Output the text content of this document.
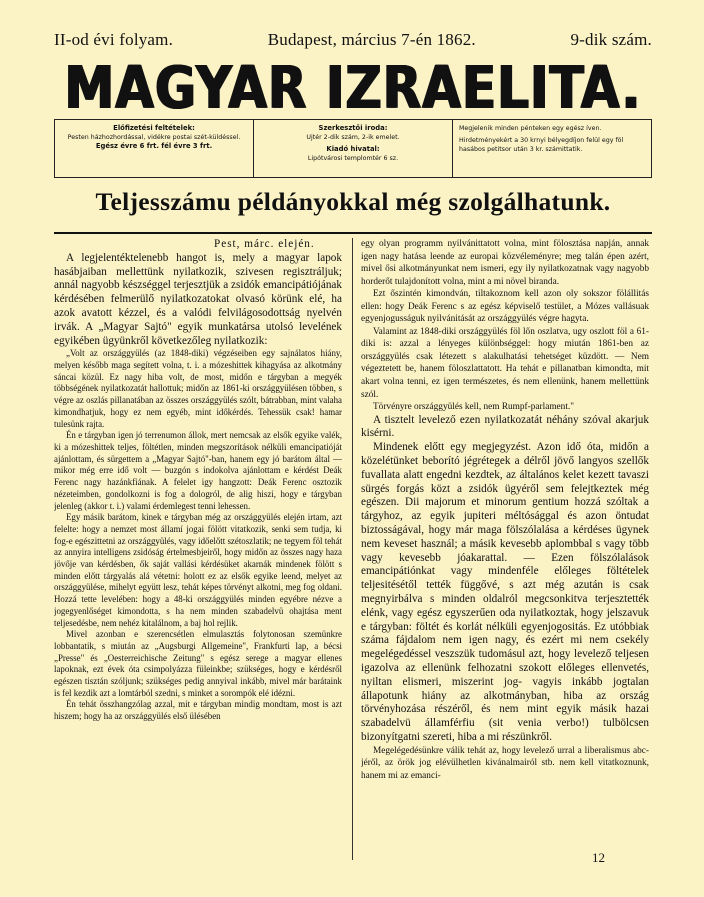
II-od évi folyam.	Budapest, március 7-én 1862.	9-dik szám.
MAGYAR IZRAELITA.
Előfizetési feltételek:
Pesten házhozhordással, vidékre postai szét-küldéssel.
Egész évre 6 frt. fél évre 3 frt.
Szerkesztői iroda:
Ujtér 2-dik szám, 2-ik emelet.
Kiadó hivatal:
Lipótvárosi templomtér 6 sz.
Megjelenik minden pénteken egy egész íven.
Hirdetményekért a 30 krnyi bélyegdíjon felül egy föl hasábos petitsor után 3 kr. számittatik.
Teljesszámu példányokkal még szolgálhatunk.

Pest, márc. elején.

A legjelentéktelenebb hangot is, mely a magyar lapok hasábjaiban mellettünk nyilatkozik, szivesen regisztráljuk; annál nagyobb készséggel terjesztjük a zsidók emancipátiójának kérdésében felmerülő nyilatkozatokat olvasó körünk elé, ha azok avatott kézzel, és a valódi felvilágosodottság nyelvén irvák. A „Magyar Sajtó" egyik munkatársa utolsó levelének egyikében ügyünkről következőleg nyilatkozik:

„Volt az országgyülés (az 1848-diki) végzéseiben egy sajnálatos hiány, melyen később maga segített volna, t. i. a mózeshittek kihagyása az alkotmány sáncai közül. Ez nagy hiba volt, de most, midőn e tárgyban a megyék többségének nyilatkozatát hallottuk; midőn az 1861-ki országgyülésen többen, s végre az oszlás pillanatában az összes országgyülés szólt, bátrabban, mint valaha kimondhatjuk, hogy ez nem egyéb, mint időkérdés. Tehessük csak! hamar tulesünk rajta.

Én e tárgyban igen jó terrenumon állok, mert nemcsak az elsők egyike valék, ki a mózeshittek teljes, föltétlen, minden megszorítások nélküli emancipatióját ajánlottam, és sürgettem a „Magyar Sajtó"-ban, hanem egy jó barátom által — mikor még erre idő volt — buzgón s indokolva ajánlottam e kérdést Deák Ferenc nagy hazánkfiának. A felelet igy hangzott: Deák Ferenc osztozik nézeteimben, gondolkozni is fog a dologról, de alig hiszi, hogy e tárgyban jelenleg (akkor t. i.) valami érdemlegest tenni lehessen.

Egy másik barátom, kinek e tárgyban még az országgyülés elején irtam, azt felelte: hogy a nemzet most államí jogai fölött vitatkozik, senki sem tudja, ki fog-e egészittetni az országgyülés, vagy időelőtt szétoszlatik; ne tegyem föl tehát az annyira intelligens zsidóság értelmesbjeiről, hogy midőn az összes nagy haza jövője van kérdésben, ők saját vallási kérdésüket akarnák mindenek fölött s minden előtt tárgyalás alá vétetni: holott ez az elsők egyike leend, melyet az országgyülése, mihelyt együtt lesz, tehát képes törvényt alkotni, meg fog oldani. Hozzá tette levelében: hogy a 48-ki országgyülés minden egyébre nézve a jogegyenlőséget kimondotta, s ha nem minden szabadelvü ohajtása ment teljesedésbe, nem nehéz kitalálnom, a baj hol rejlik.

Mivel azonban e szerencsétlen elmulasztás folytonosan szemünkre lobbantatik, s miután az „Augsburgi Allgemeine", Frankfurti lap, a bécsi „Presse" és „Oesterreichische Zeitung" s egész serege a magyar ellenes lapoknak, ezt évek óta csimpolyázza füleinkbe; szükséges, hogy e kérdésről egészen tisztán szóljunk; szükséges pedig annyival inkább, mivel már barátaink is fel kezdik azt a lomtárból szedni, s minket a sorompók elé idézni.

Én tehát összhangzólag azzal, mit e tárgyban mindig mondtam, most is azt hiszem; hogy ha az országgyülés első ülésében

egy olyan programm nyilvánittatott volna, mint fölosztása napján, annak igen nagy hatása leende az europai közvéleményre; meg talán épen azért, mivel ősi alkotmányunkat nem ismeri, egy ily nyilatkozatnak vagy nagyobb horderőt tulajdonított volna, mint a mi növel biranda.

Ezt őszintén kimondván, tiltakoznom kell azon oly sokszor fölállitás ellen: hogy Deák Ferenc s az egész képviselő testület, a Mózes vallásuak egyenjogusságuk nyilvánitását az országgyülés végre hagyta.

Valamint az 1848-diki országgyülés föl lőn oszlatva, ugy oszlott föl a 61-diki is: azzal a lényeges különbséggel: hogy miután 1861-ben az országgyülés csak létezett s alakulhatási tehetséget küzdött. — Nem végeztetett be, hanem föloszlattatott. Ha tehát e pillanatban kimondta, mit akart volna tenni, ez igen természetes, és nem ellenünk, hanem mellettünk szól.

Törvényre országgyülés kell, nem Rumpf-parlament."

A tisztelt levelező ezen nyilatkozatát néhány szóval akarjuk kisérni.

Mindenek előtt egy megjegyzést. Azon idő óta, midőn a közelétünket beborító jégrétegek a délről jövő langyos szellők fuvallata alatt engedni kezdtek, az általános kelet kezett tavaszi sürgés forgás közt a zsidók ügyéről sem felejtkeztek még egészen. Dii majorum et minorum gentium hozzá szóltak a tárgyhoz, az egyik jupiteri méltósággal és azon öntudat biztosságával, hogy már maga fölszólalása a kérdéses ügynek nem keveset használ; a másik kevesebb aplombbal s vagy több vagy kevesebb jóakarattal. — Ezen fölszólalások emancipátiónkat vagy mindenféle előleges föltételek teljesitésétől tették függővé, s azt még azután is csak megnyirbálva s minden oldalról megcsonkitva terjesztették elénk, vagy egész egyszerűen oda nyilatkoztak, hogy jelszavuk e tárgyban: föltét és korlát nélküli egyenjogositás. Ez utóbbiak száma fájdalom nem igen nagy, és ezért mi nem csekély megelégedéssel veszszük tudomásul azt, hogy levelező teljesen igazolva az ellenünk felhozatni szokott előleges ellenvetés, nyiltan elismeri, miszerint jog- vagyis inkább jogtalan állapotunk hiány az alkotmányban, hiba az ország törvényhozása részéről, és nem mint egyik másik hazai szabadelvü államférfiu (sit venia verbo!) tulbölcsen bizonyítgatni szereti, hiba a mi részünkről.

Megelégedésünkre válik tehát az, hogy levelező urral a liberalismus abc-jéről, az örök jog elévülhetlen kivánalmairól stb. nem kell vitatkoznunk, hanem mi az emanci-

12
